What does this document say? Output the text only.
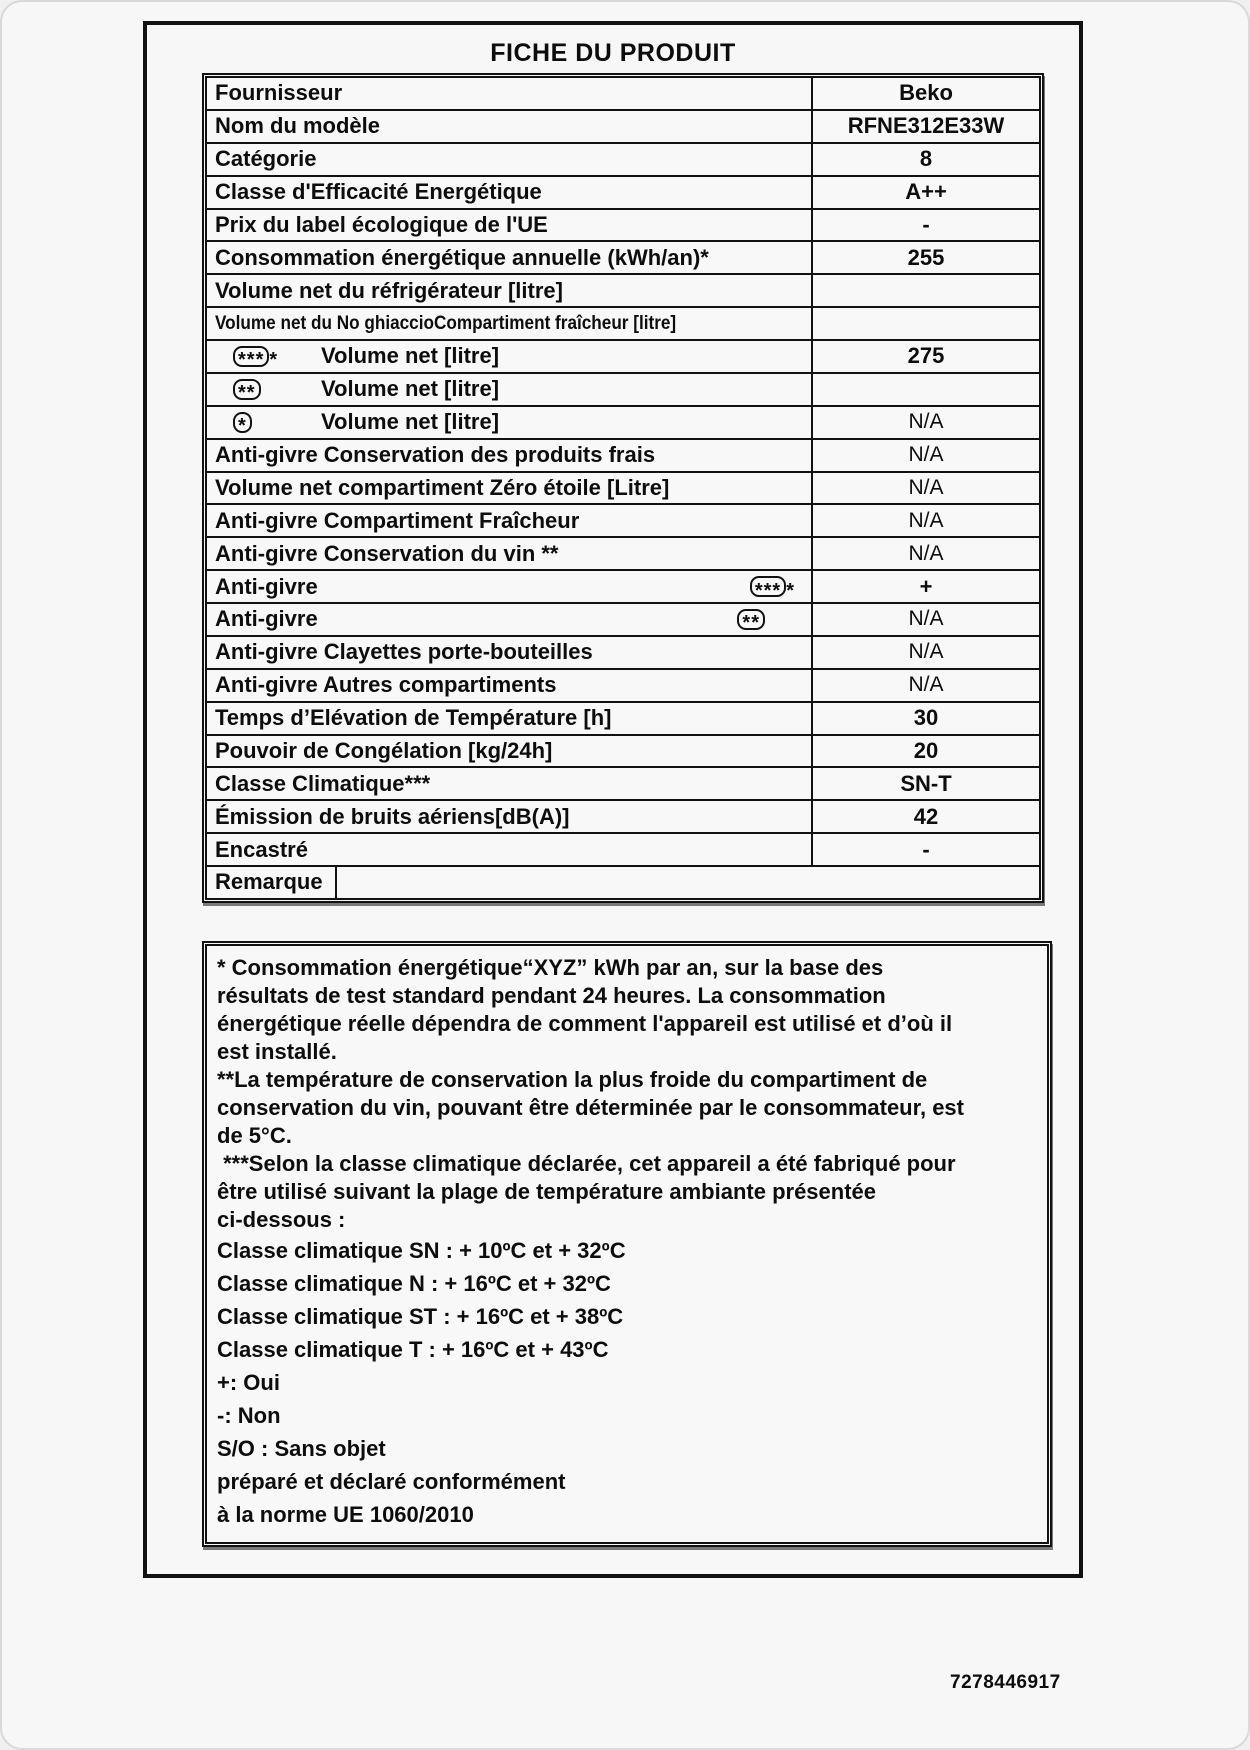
FICHE DU PRODUIT
Fournisseur	Beko
Nom du modèle	RFNE312E33W
Catégorie	8
Classe d'Efficacité Energétique	A++
Prix du label écologique de l'UE	-
Consommation énergétique annuelle (kWh/an)*	255
Volume net du réfrigérateur [litre]
Volume net du No ghiaccioCompartiment fraîcheur [litre]
*** * Volume net [litre]	275
**	Volume net [litre]
*	Volume net [litre]	N/A
Anti-givre Conservation des produits frais	N/A
Volume net compartiment Zéro étoile [Litre]	N/A
Anti-givre Compartiment Fraîcheur	N/A
Anti-givre Conservation du vin **	N/A
Anti-givre	*** *	+
Anti-givre	**	N/A
Anti-givre Clayettes porte-bouteilles	N/A
Anti-givre Autres compartiments	N/A
Temps d’Elévation de Température [h]	30
Pouvoir de Congélation [kg/24h]	20
Classe Climatique***	SN-T
Émission de bruits aériens[dB(A)]	42
Encastré	-
Remarque
* Consommation énergétique“XYZ” kWh par an, sur la base des
résultats de test standard pendant 24 heures. La consommation
énergétique réelle dépendra de comment l'appareil est utilisé et d’où il
est installé.
**La température de conservation la plus froide du compartiment de
conservation du vin, pouvant être déterminée par le consommateur, est
de 5°C.
***Selon la classe climatique déclarée, cet appareil a été fabriqué pour
être utilisé suivant la plage de température ambiante présentée
ci-dessous :
Classe climatique SN : + 10ºC et + 32ºC
Classe climatique N : + 16ºC et + 32ºC
Classe climatique ST : + 16ºC et + 38ºC
Classe climatique T : + 16ºC et + 43ºC
+: Oui
-: Non
S/O : Sans objet
préparé et déclaré conformément
à la norme UE 1060/2010
7278446917
